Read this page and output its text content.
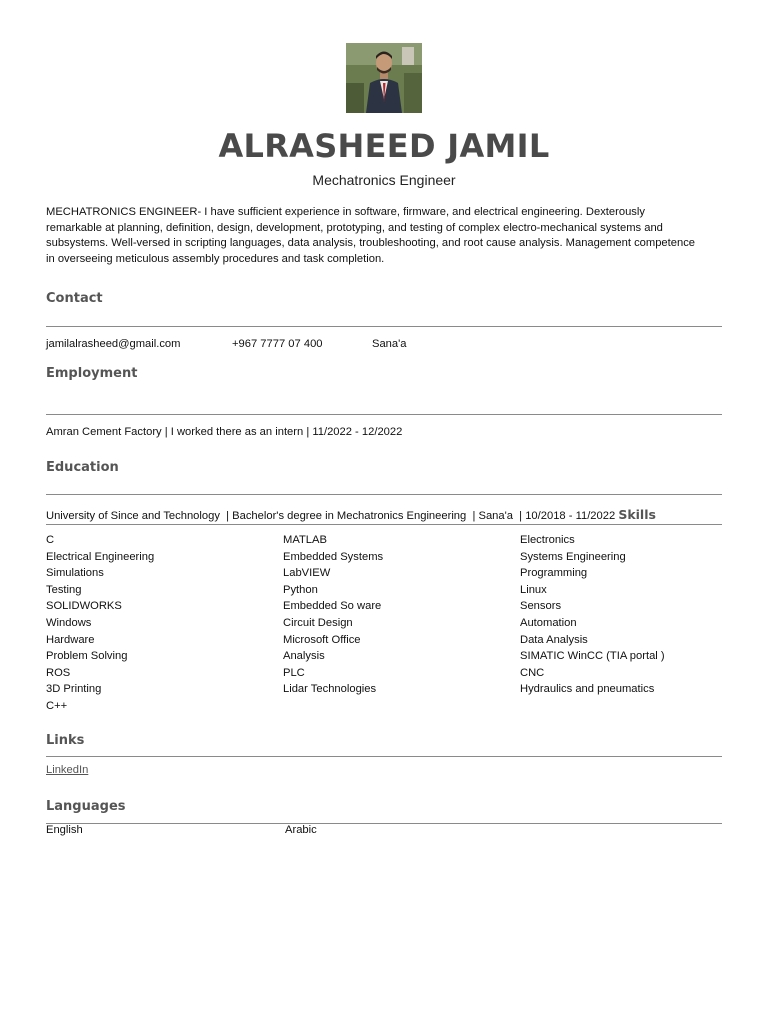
ALRASHEED JAMIL
Mechatronics Engineer
MECHATRONICS ENGINEER- I have sufficient experience in software, firmware, and electrical engineering. Dexterously remarkable at planning, definition, design, development, prototyping, and testing of complex electro-mechanical systems and subsystems. Well-versed in scripting languages, data analysis, troubleshooting, and root cause analysis. Management competence in overseeing meticulous assembly procedures and task completion.
Contact
jamilalrasheed@gmail.com	+967 7777 07 400	Sana'a
Employment
Amran Cement Factory | I worked there as an intern | 11/2022 - 12/2022
Education
University of Since and Technology  | Bachelor's degree in Mechatronics Engineering  | Sana'a  | 10/2018 - 11/2022 Skills
C	MATLAB	Electronics
Electrical Engineering	Embedded Systems	Systems Engineering
Simulations	LabVIEW	Programming
Testing	Python	Linux
SOLIDWORKS	Embedded So ware	Sensors
Windows	Circuit Design	Automation
Hardware	Microsoft Office	Data Analysis
Problem Solving	Analysis	SIMATIC WinCC (TIA portal )
ROS	PLC	CNC
3D Printing	Lidar Technologies	Hydraulics and pneumatics
C++
Links
LinkedIn
Languages
English	Arabic
